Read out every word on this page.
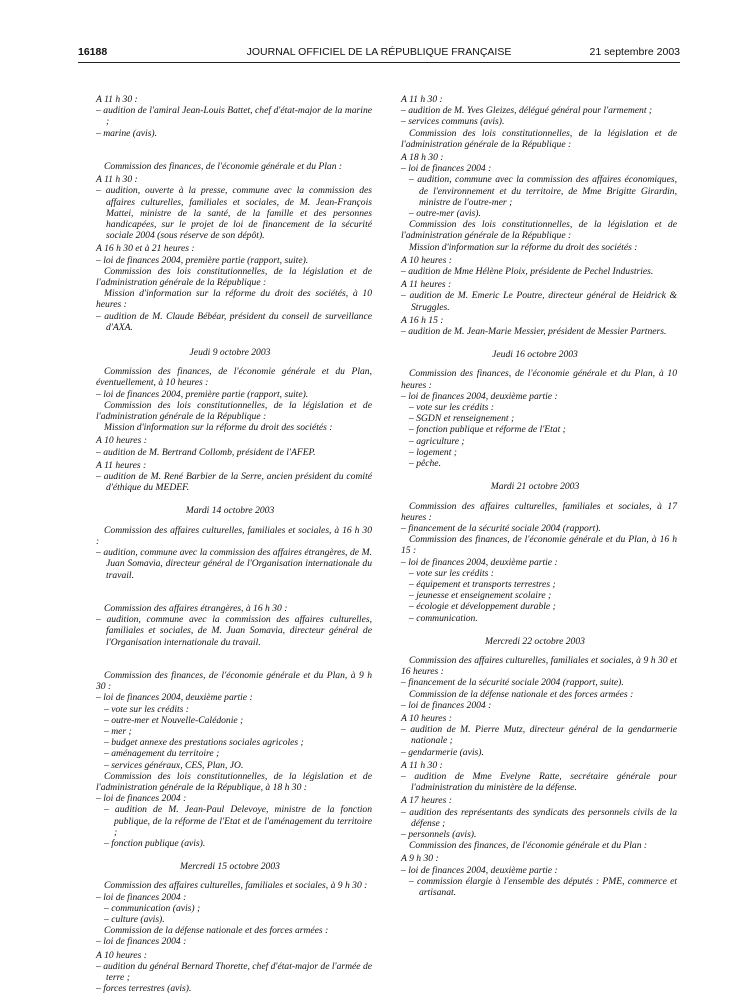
16188	JOURNAL OFFICIEL DE LA RÉPUBLIQUE FRANÇAISE	21 septembre 2003

A 11 h 30 :

– audition de l'amiral Jean-Louis Battet, chef d'état-major de la marine ;

– marine (avis).

Commission des finances, de l'économie générale et du Plan :

A 11 h 30 :

– audition, ouverte à la presse, commune avec la commission des affaires culturelles, familiales et sociales, de M. Jean-François Mattei, ministre de la santé, de la famille et des personnes handicapées, sur le projet de loi de financement de la sécurité sociale 2004 (sous réserve de son dépôt).

A 16 h 30 et à 21 heures :

– loi de finances 2004, première partie (rapport, suite).

Commission des lois constitutionnelles, de la législation et de l'administration générale de la République :

Mission d'information sur la réforme du droit des sociétés, à 10 heures :

– audition de M. Claude Bébéar, président du conseil de surveillance d'AXA.

Jeudi 9 octobre 2003

Commission des finances, de l'économie générale et du Plan, éventuellement, à 10 heures :

– loi de finances 2004, première partie (rapport, suite).

Commission des lois constitutionnelles, de la législation et de l'administration générale de la République :

Mission d'information sur la réforme du droit des sociétés :

A 10 heures :

– audition de M. Bertrand Collomb, président de l'AFEP.

A 11 heures :

– audition de M. René Barbier de la Serre, ancien président du comité d'éthique du MEDEF.

Mardi 14 octobre 2003

Commission des affaires culturelles, familiales et sociales, à 16 h 30 :

– audition, commune avec la commission des affaires étrangères, de M. Juan Somavia, directeur général de l'Organisation internationale du travail.

Commission des affaires étrangères, à 16 h 30 :

– audition, commune avec la commission des affaires culturelles, familiales et sociales, de M. Juan Somavia, directeur général de l'Organisation internationale du travail.

Commission des finances, de l'économie générale et du Plan, à 9 h 30 :

– loi de finances 2004, deuxième partie :

– vote sur les crédits :

– outre-mer et Nouvelle-Calédonie ;

– mer ;

– budget annexe des prestations sociales agricoles ;

– aménagement du territoire ;

– services généraux, CES, Plan, JO.

Commission des lois constitutionnelles, de la législation et de l'administration générale de la République, à 18 h 30 :

– loi de finances 2004 :

– audition de M. Jean-Paul Delevoye, ministre de la fonction publique, de la réforme de l'Etat et de l'aménagement du territoire ;

– fonction publique (avis).

Mercredi 15 octobre 2003

Commission des affaires culturelles, familiales et sociales, à 9 h 30 :

– loi de finances 2004 :

– communication (avis) ;

– culture (avis).

Commission de la défense nationale et des forces armées :

– loi de finances 2004 :

A 10 heures :

– audition du général Bernard Thorette, chef d'état-major de l'armée de terre ;

– forces terrestres (avis).

A 11 h 30 :

– audition de M. Yves Gleizes, délégué général pour l'armement ;

– services communs (avis).

Commission des lois constitutionnelles, de la législation et de l'administration générale de la République :

A 18 h 30 :

– loi de finances 2004 :

– audition, commune avec la commission des affaires économiques, de l'environnement et du territoire, de Mme Brigitte Girardin, ministre de l'outre-mer ;

– outre-mer (avis).

Commission des lois constitutionnelles, de la législation et de l'administration générale de la République :

Mission d'information sur la réforme du droit des sociétés :

A 10 heures :

– audition de Mme Hélène Ploix, présidente de Pechel Industries.

A 11 heures :

– audition de M. Emeric Le Poutre, directeur général de Heidrick & Struggles.

A 16 h 15 :

– audition de M. Jean-Marie Messier, président de Messier Partners.

Jeudi 16 octobre 2003

Commission des finances, de l'économie générale et du Plan, à 10 heures :

– loi de finances 2004, deuxième partie :

– vote sur les crédits :

– SGDN et renseignement ;

– fonction publique et réforme de l'Etat ;

– agriculture ;

– logement ;

– pêche.

Mardi 21 octobre 2003

Commission des affaires culturelles, familiales et sociales, à 17 heures :

– financement de la sécurité sociale 2004 (rapport).

Commission des finances, de l'économie générale et du Plan, à 16 h 15 :

– loi de finances 2004, deuxième partie :

– vote sur les crédits :

– équipement et transports terrestres ;

– jeunesse et enseignement scolaire ;

– écologie et développement durable ;

– communication.

Mercredi 22 octobre 2003

Commission des affaires culturelles, familiales et sociales, à 9 h 30 et 16 heures :

– financement de la sécurité sociale 2004 (rapport, suite).

Commission de la défense nationale et des forces armées :

– loi de finances 2004 :

A 10 heures :

– audition de M. Pierre Mutz, directeur général de la gendarmerie nationale ;

– gendarmerie (avis).

A 11 h 30 :

– audition de Mme Evelyne Ratte, secrétaire générale pour l'administration du ministère de la défense.

A 17 heures :

– audition des représentants des syndicats des personnels civils de la défense ;

– personnels (avis).

Commission des finances, de l'économie générale et du Plan :

A 9 h 30 :

– loi de finances 2004, deuxième partie :

– commission élargie à l'ensemble des députés : PME, commerce et artisanat.
